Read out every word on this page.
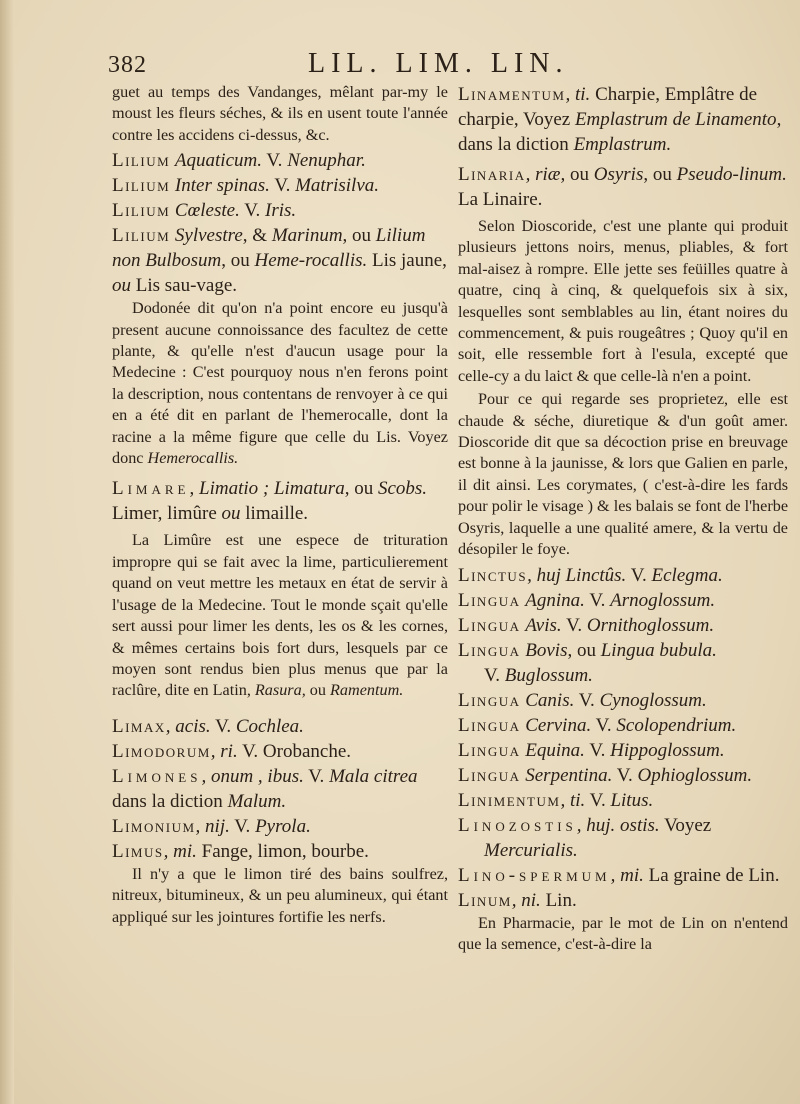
382	LIL. LIM. LIN.

guet au temps des Vandanges, mêlant par-my le moust les fleurs séches, & ils en usent toute l'année contre les accidens ci-dessus, &c.

Lilium Aquaticum. V. Nenuphar.
Lilium Inter spinas. V. Matrisilva.
Lilium Cœleste. V. Iris.
Lilium Sylvestre, & Marinum, ou Lilium non Bulbosum, ou Heme-rocallis. Lis jaune, ou Lis sau-vage.

Dodonée dit qu'on n'a point encore eu jusqu'à present aucune connoissance des facultez de cette plante, & qu'elle n'est d'aucun usage pour la Medecine : C'est pourquoy nous n'en ferons point la description, nous contentans de renvoyer à ce qui en a été dit en parlant de l'hemerocalle, dont la racine a la même figure que celle du Lis. Voyez donc Hemerocallis.

Limare, Limatio ; Limatura, ou Scobs. Limer, limûre ou limaille.

La Limûre est une espece de trituration impropre qui se fait avec la lime, particulierement quand on veut mettre les metaux en état de servir à l'usage de la Medecine. Tout le monde sçait qu'elle sert aussi pour limer les dents, les os & les cornes, & mêmes certains bois fort durs, lesquels par ce moyen sont rendus bien plus menus que par la raclûre, dite en Latin, Rasura, ou Ramentum.

Limax, acis. V. Cochlea.
Limodorum, ri. V. Orobanche.
Limones, onum , ibus. V. Mala citrea dans la diction Malum.
Limonium, nij. V. Pyrola.
Limus, mi. Fange, limon, bourbe.

Il n'y a que le limon tiré des bains soulfrez, nitreux, bitumineux, & un peu alumineux, qui étant appliqué sur les jointures fortifie les nerfs.

Linamentum, ti. Charpie, Emplâtre de charpie, Voyez Emplastrum de Linamento, dans la diction Emplastrum.
Linaria, riæ, ou Osyris, ou Pseudo-linum. La Linaire.

Selon Dioscoride, c'est une plante qui produit plusieurs jettons noirs, menus, pliables, & fort mal-aisez à rompre. Elle jette ses feüilles quatre à quatre, cinq à cinq, & quelquefois six à six, lesquelles sont semblables au lin, étant noires du commencement, & puis rougeâtres ; Quoy qu'il en soit, elle ressemble fort à l'esula, excepté que celle-cy a du laict & que celle-là n'en a point.

Pour ce qui regarde ses proprietez, elle est chaude & séche, diuretique & d'un goût amer. Dioscoride dit que sa décoction prise en breuvage est bonne à la jaunisse, & lors que Galien en parle, il dit ainsi. Les corymates, ( c'est-à-dire les fards pour polir le visage ) & les balais se font de l'herbe Osyris, laquelle a une qualité amere, & la vertu de désopiler le foye.

Linctus, huj Linctûs. V. Eclegma.
Lingua Agnina. V. Arnoglossum.
Lingua Avis. V. Ornithoglossum.
Lingua Bovis, ou Lingua bubula.
V. Buglossum.
Lingua Canis. V. Cynoglossum.
Lingua Cervina. V. Scolopendrium.
Lingua Equina. V. Hippoglossum.
Lingua Serpentina. V. Ophioglossum.
Linimentum, ti. V. Litus.
Linozostis, huj. ostis. Voyez
Mercurialis.
Lino-spermum, mi. La graine de Lin.
Linum, ni. Lin.

En Pharmacie, par le mot de Lin on n'entend que la semence, c'est-à-dire la
